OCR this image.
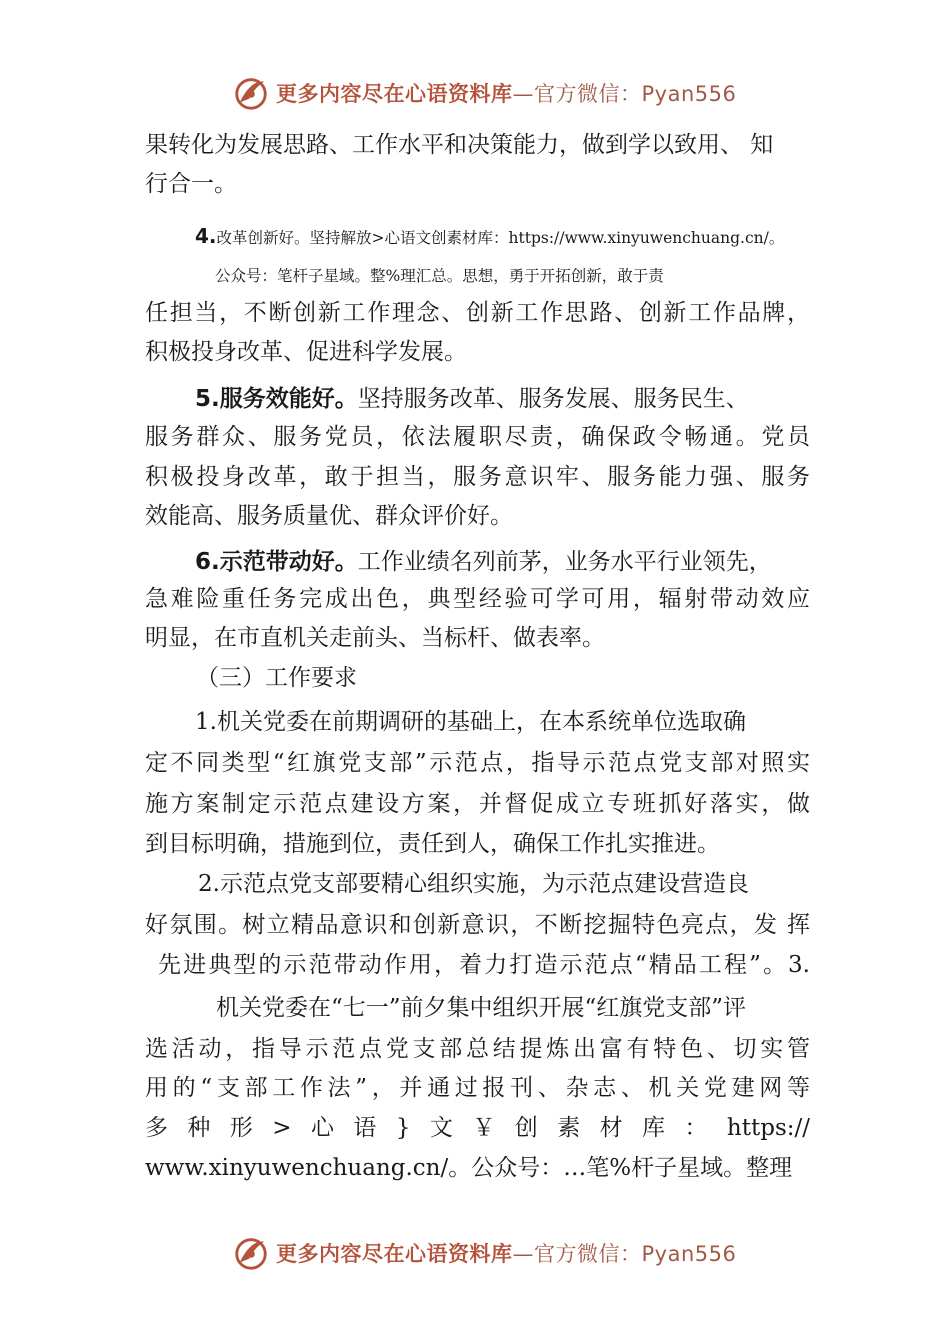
更多内容尽在心语资料库—官方微信：Pyan556
果转化为发展思路、工作水平和决策能力，做到学以致用、 知
行合一。
4.改革创新好。坚持解放>心语文创素材库：https://www.xinyuwenchuang.cn/。
公众号：笔杆子星域。整%理汇总。思想，勇于开拓创新，敢于责
任担当，不断创新工作理念、创新工作思路、创新工作品牌，
积极投身改革、促进科学发展。
5.服务效能好。坚持服务改革、服务发展、服务民生、
服务群众、服务党员，依法履职尽责，确保政令畅通。党员
积极投身改革，敢于担当，服务意识牢、服务能力强、服务
效能高、服务质量优、群众评价好。
6.示范带动好。工作业绩名列前茅，业务水平行业领先，
急难险重任务完成出色，典型经验可学可用，辐射带动效应
明显，在市直机关走前头、当标杆、做表率。
（三）工作要求
1.机关党委在前期调研的基础上，在本系统单位选取确
定不同类型“红旗党支部”示范点，指导示范点党支部对照实
施方案制定示范点建设方案，并督促成立专班抓好落实，做
到目标明确，措施到位，责任到人，确保工作扎实推进。
2.示范点党支部要精心组织实施，为示范点建设营造良
好氛围。树立精品意识和创新意识，不断挖掘特色亮点，发 挥
先进典型的示范带动作用，着力打造示范点“精品工程”。3.
机关党委在“七一”前夕集中组织开展“红旗党支部”评
选活动，指导示范点党支部总结提炼出富有特色、切实管
用的“支部工作法”，并通过报刊、杂志、机关党建网等
多种形>心语}文￥创素材库：https://
www.xinyuwenchuang.cn/。公众号：…笔%杆子星域。整理
更多内容尽在心语资料库—官方微信：Pyan556
